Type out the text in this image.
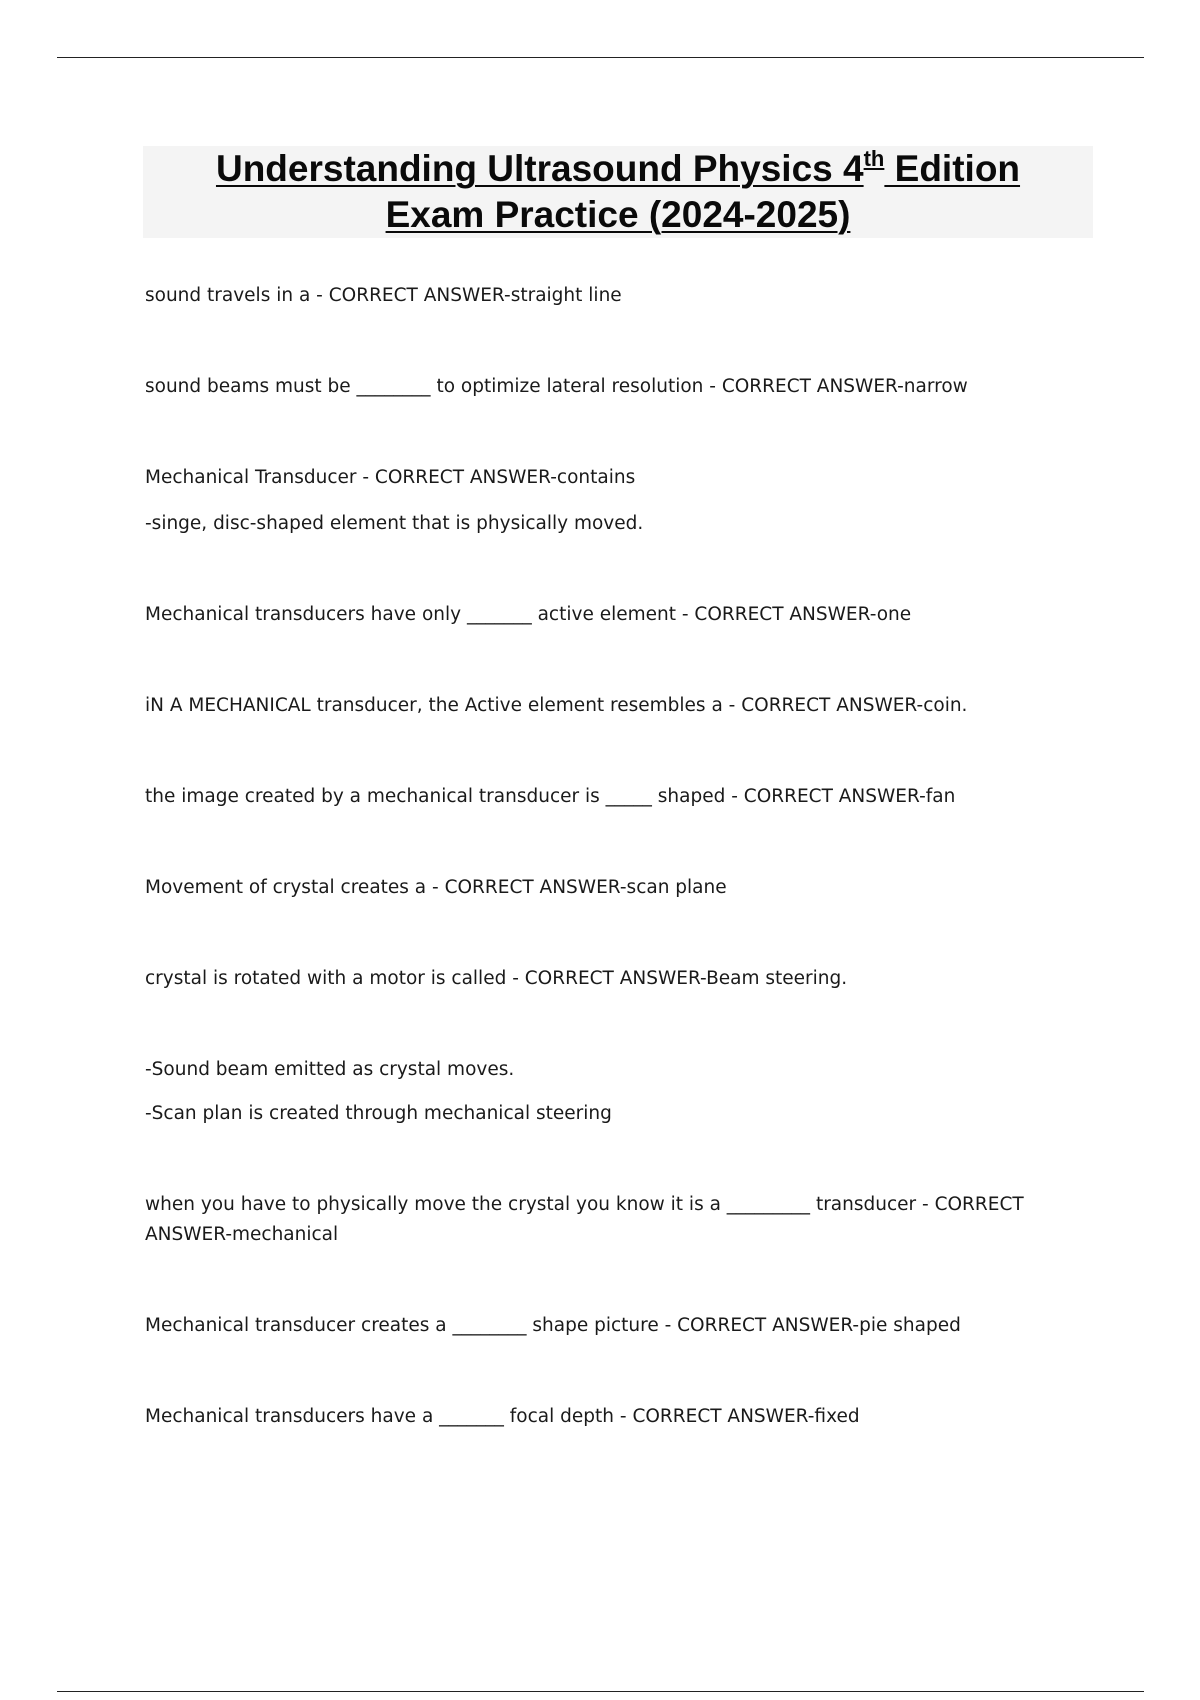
Understanding Ultrasound Physics 4th Edition
Exam Practice (2024-2025)

sound travels in a - CORRECT ANSWER-straight line

sound beams must be ________ to optimize lateral resolution - CORRECT ANSWER-narrow

Mechanical Transducer - CORRECT ANSWER-contains

-singe, disc-shaped element that is physically moved.

Mechanical transducers have only _______ active element - CORRECT ANSWER-one

iN A MECHANICAL transducer, the Active element resembles a - CORRECT ANSWER-coin.

the image created by a mechanical transducer is _____ shaped - CORRECT ANSWER-fan

Movement of crystal creates a - CORRECT ANSWER-scan plane

crystal is rotated with a motor is called - CORRECT ANSWER-Beam steering.

-Sound beam emitted as crystal moves.

-Scan plan is created through mechanical steering

when you have to physically move the crystal you know it is a _________ transducer - CORRECT

ANSWER-mechanical

Mechanical transducer creates a ________ shape picture - CORRECT ANSWER-pie shaped

Mechanical transducers have a _______ focal depth - CORRECT ANSWER-fixed
